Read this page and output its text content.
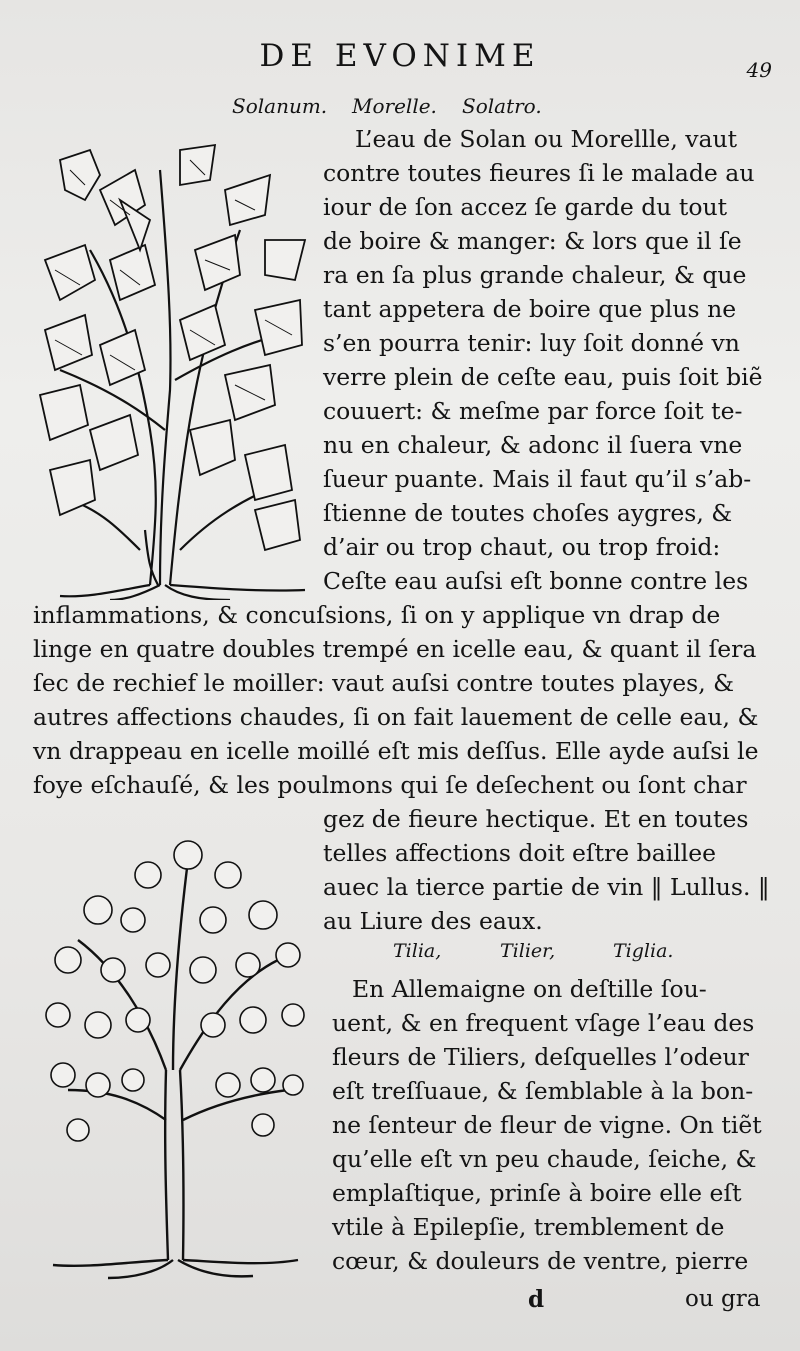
DE EVONIME	49
Solanum. Morelle. Solatro.
L’eau de Solan ou Morellle, vaut
contre toutes fieures ſi le malade au
iour de ſon accez ſe garde du tout
de boire & manger: & lors que il ſe
ra en ſa plus grande chaleur, & que
tant appetera de boire que plus ne
s’en pourra tenir: luy ſoit donné vn
verre plein de ceſte eau, puis ſoit biẽ
couuert: & meſme par force ſoit te-
nu en chaleur, & adonc il ſuera vne
ſueur puante. Mais il faut qu’il s’ab-
ſtienne de toutes choſes aygres, &
d’air ou trop chaut, ou trop froid:
Ceſte eau auſsi eſt bonne contre les
inflammations, & concuſsions, ſi on y applique vn drap de
linge en quatre doubles trempé en icelle eau, & quant il ſera
ſec de rechief le moiller: vaut auſsi contre toutes playes, &
autres affections chaudes, ſi on fait lauement de celle eau, &
vn drappeau en icelle moillé eſt mis deſſus. Elle ayde auſsi le
foye eſchauſé, & les poulmons qui ſe deſechent ou ſont char
gez de fieure hectique. Et en toutes
telles affections doit eſtre baillee
auec la tierce partie de vin ‖ Lullus. ‖
au Liure des eaux.
Tilia,	Tilier,	Tiglia.
En Allemaigne on deſtille ſou-
uent, & en frequent vſage l’eau des
fleurs de Tiliers, deſquelles l’odeur
eſt treſſuaue, & ſemblable à la bon-
ne ſenteur de fleur de vigne. On tiẽt
qu’elle eſt vn peu chaude, ſeiche, &
emplaſtique, prinſe à boire elle eſt
vtile à Epilepſie, tremblement de
cœur, & douleurs de ventre, pierre
d	ou gra
